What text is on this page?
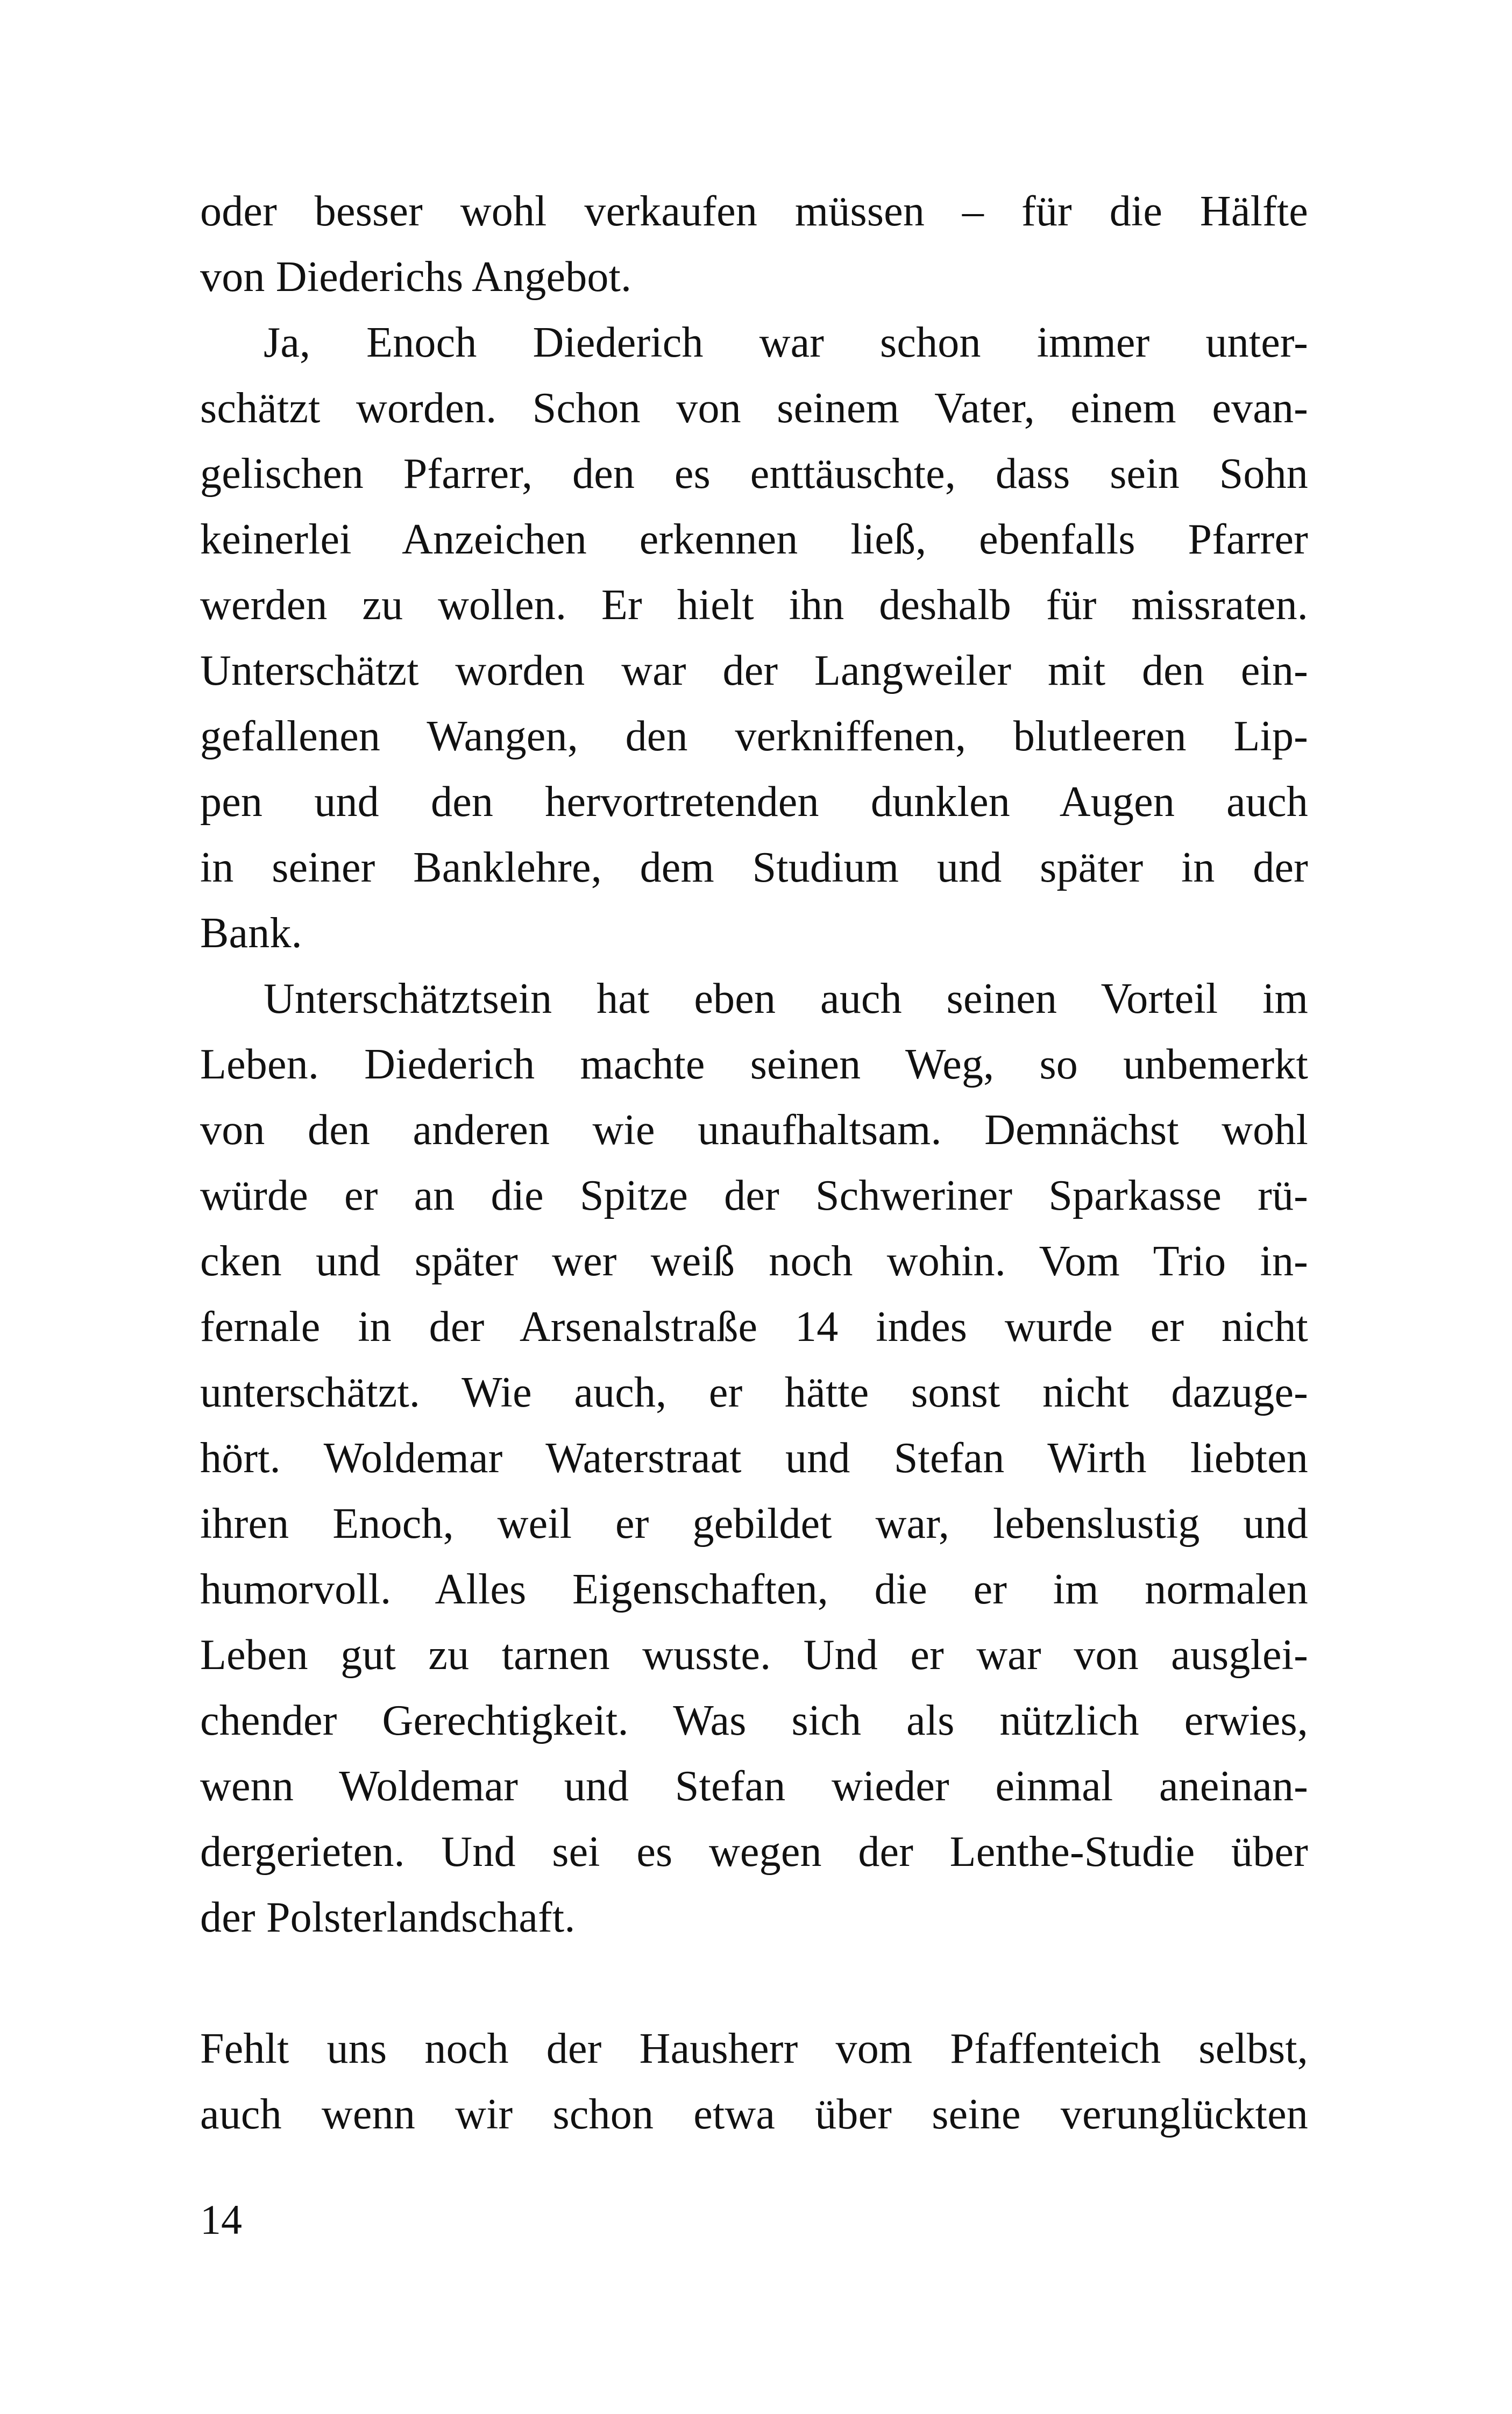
oder besser wohl verkaufen müssen – für die Hälfte
von Diederichs Angebot.

Ja, Enoch Diederich war schon immer unter-
schätzt worden. Schon von seinem Vater, einem evan-
gelischen Pfarrer, den es enttäuschte, dass sein Sohn
keinerlei Anzeichen erkennen ließ, ebenfalls Pfarrer
werden zu wollen. Er hielt ihn deshalb für missraten.
Unterschätzt worden war der Langweiler mit den ein-
gefallenen Wangen, den verkniffenen, blutleeren Lip-
pen und den hervortretenden dunklen Augen auch
in seiner Banklehre, dem Studium und später in der
Bank.

Unterschätztsein hat eben auch seinen Vorteil im
Leben. Diederich machte seinen Weg, so unbemerkt
von den anderen wie unaufhaltsam. Demnächst wohl
würde er an die Spitze der Schweriner Sparkasse rü-
cken und später wer weiß noch wohin. Vom Trio in-
fernale in der Arsenalstraße 14 indes wurde er nicht
unterschätzt. Wie auch, er hätte sonst nicht dazuge-
hört. Woldemar Waterstraat und Stefan Wirth liebten
ihren Enoch, weil er gebildet war, lebenslustig und
humorvoll. Alles Eigenschaften, die er im normalen
Leben gut zu tarnen wusste. Und er war von ausglei-
chender Gerechtigkeit. Was sich als nützlich erwies,
wenn Woldemar und Stefan wieder einmal aneinan-
dergerieten. Und sei es wegen der Lenthe-Studie über
der Polsterlandschaft.

Fehlt uns noch der Hausherr vom Pfaffenteich selbst,
auch wenn wir schon etwa über seine verunglückten

14
